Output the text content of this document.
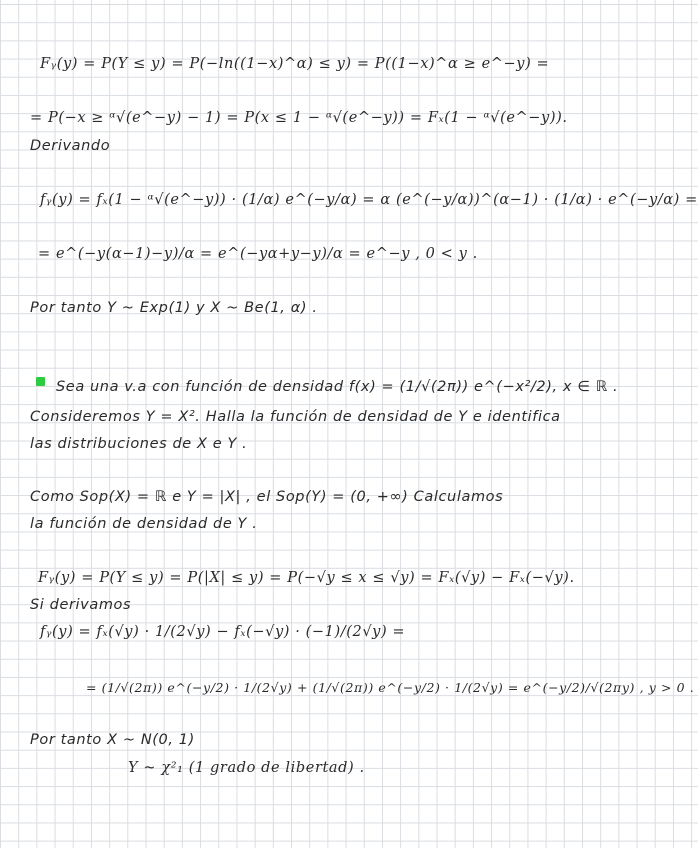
Fᵧ(y) = P(Y ≤ y) = P(−ln((1−x)^α) ≤ y) = P((1−x)^α ≥ e^−y) =
= P(−x ≥ ᵅ√(e^−y) − 1) = P(x ≤ 1 − ᵅ√(e^−y)) = Fₓ(1 − ᵅ√(e^−y)).
Derivando
fᵧ(y) = fₓ(1 − ᵅ√(e^−y)) · (1/α) e^(−y/α) = α (e^(−y/α))^(α−1) · (1/α) · e^(−y/α) =
= e^(−y(α−1)−y)/α = e^(−yα+y−y)/α = e^−y , 0 < y .
Por tanto Y ~ Exp(1) y X ~ Be(1, α) .
Sea una v.a con función de densidad f(x) = (1/√(2π)) e^(−x²/2), x ∈ ℝ .
Consideremos Y = X². Halla la función de densidad de Y e identifica
las distribuciones de X e Y .
Como Sop(X) = ℝ e Y = |X| , el Sop(Y) = (0, +∞) Calculamos
la función de densidad de Y .
Fᵧ(y) = P(Y ≤ y) = P(|X| ≤ y) = P(−√y ≤ x ≤ √y) = Fₓ(√y) − Fₓ(−√y).
Si derivamos
fᵧ(y) = fₓ(√y) · 1/(2√y) − fₓ(−√y) · (−1)/(2√y) =
= (1/√(2π)) e^(−y/2) · 1/(2√y) + (1/√(2π)) e^(−y/2) · 1/(2√y) = e^(−y/2)/√(2πy) , y > 0 .
Por tanto X ~ N(0, 1)
Y ~ χ²₁ (1 grado de libertad) .
